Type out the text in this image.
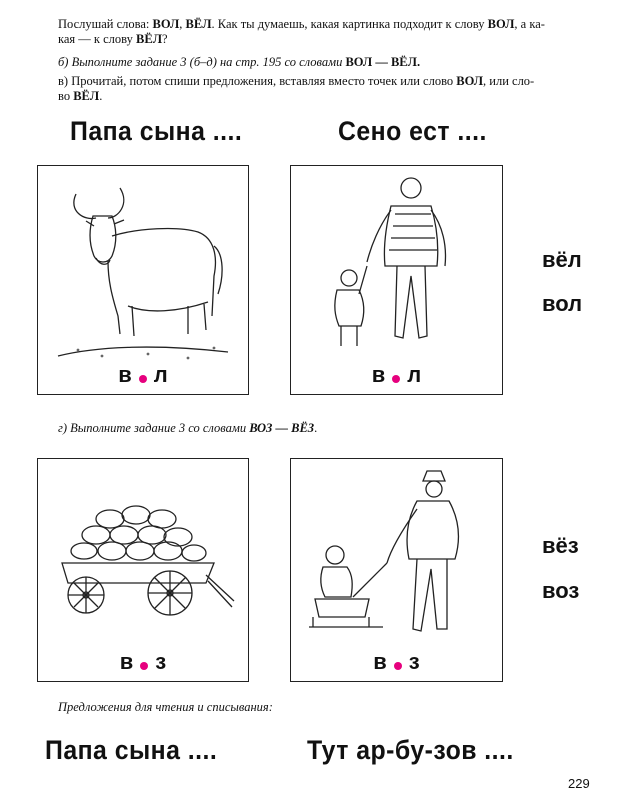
Послушай слова: ВОЛ, ВЁЛ. Как ты думаешь, какая картинка подходит к слову ВОЛ, а ка-
кая — к слову ВЁЛ?
б) Выполните задание 3 (б–д) на стр. 195 со словами ВОЛ — ВЁЛ.
в) Прочитай, потом спиши предложения, вставляя вместо точек или слово ВОЛ, или сло-
во ВЁЛ.
Папа сына ....	Сено ест ....
в л	в л
вёл
вол
г) Выполните задание 3 со словами ВОЗ — ВЁЗ.
в з	в з
вёз
воз
Предложения для чтения и списывания:
Папа сына ....	Тут ар-бу-зов ....
229
